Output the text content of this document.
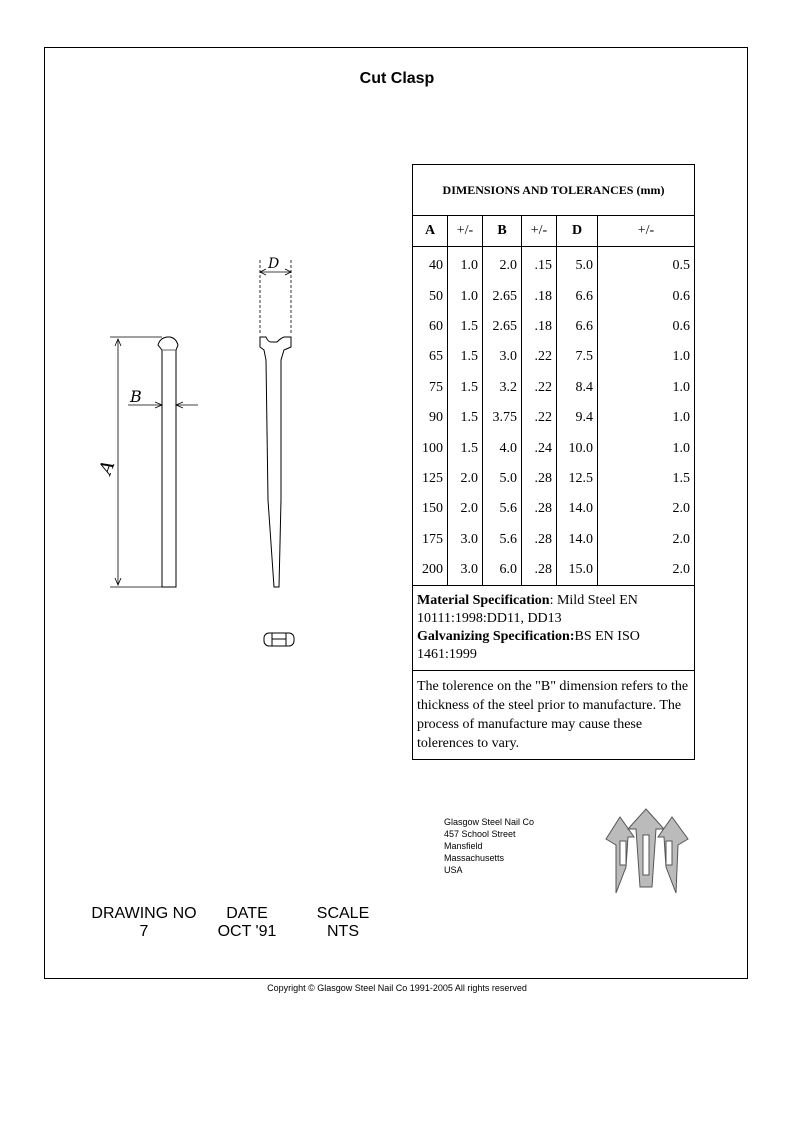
Cut Clasp
A
B
D
DIMENSIONS AND TOLERANCES (mm)					
A	+/-	B	+/-	D	+/-
40	1.0	2.0	.15	5.0	0.5
50	1.0	2.65	.18	6.6	0.6
60	1.5	2.65	.18	6.6	0.6
65	1.5	3.0	.22	7.5	1.0
75	1.5	3.2	.22	8.4	1.0
90	1.5	3.75	.22	9.4	1.0
100	1.5	4.0	.24	10.0	1.0
125	2.0	5.0	.28	12.5	1.5
150	2.0	5.6	.28	14.0	2.0
175	3.0	5.6	.28	14.0	2.0
200	3.0	6.0	.28	15.0	2.0
Material Specification: Mild Steel EN 10111:1998:DD11, DD13
Galvanizing Specification:BS EN ISO 1461:1999					
The tolerence on the "B" dimension refers to the thickness of the steel prior to manufacture. The process of manufacture may cause these tolerences to vary.					
Glasgow Steel Nail Co
457 School Street
Mansfield
Massachusetts
USA
DRAWING NO
7
DATE
OCT '91
SCALE
NTS
Copyright © Glasgow Steel Nail Co 1991-2005 All rights reserved
